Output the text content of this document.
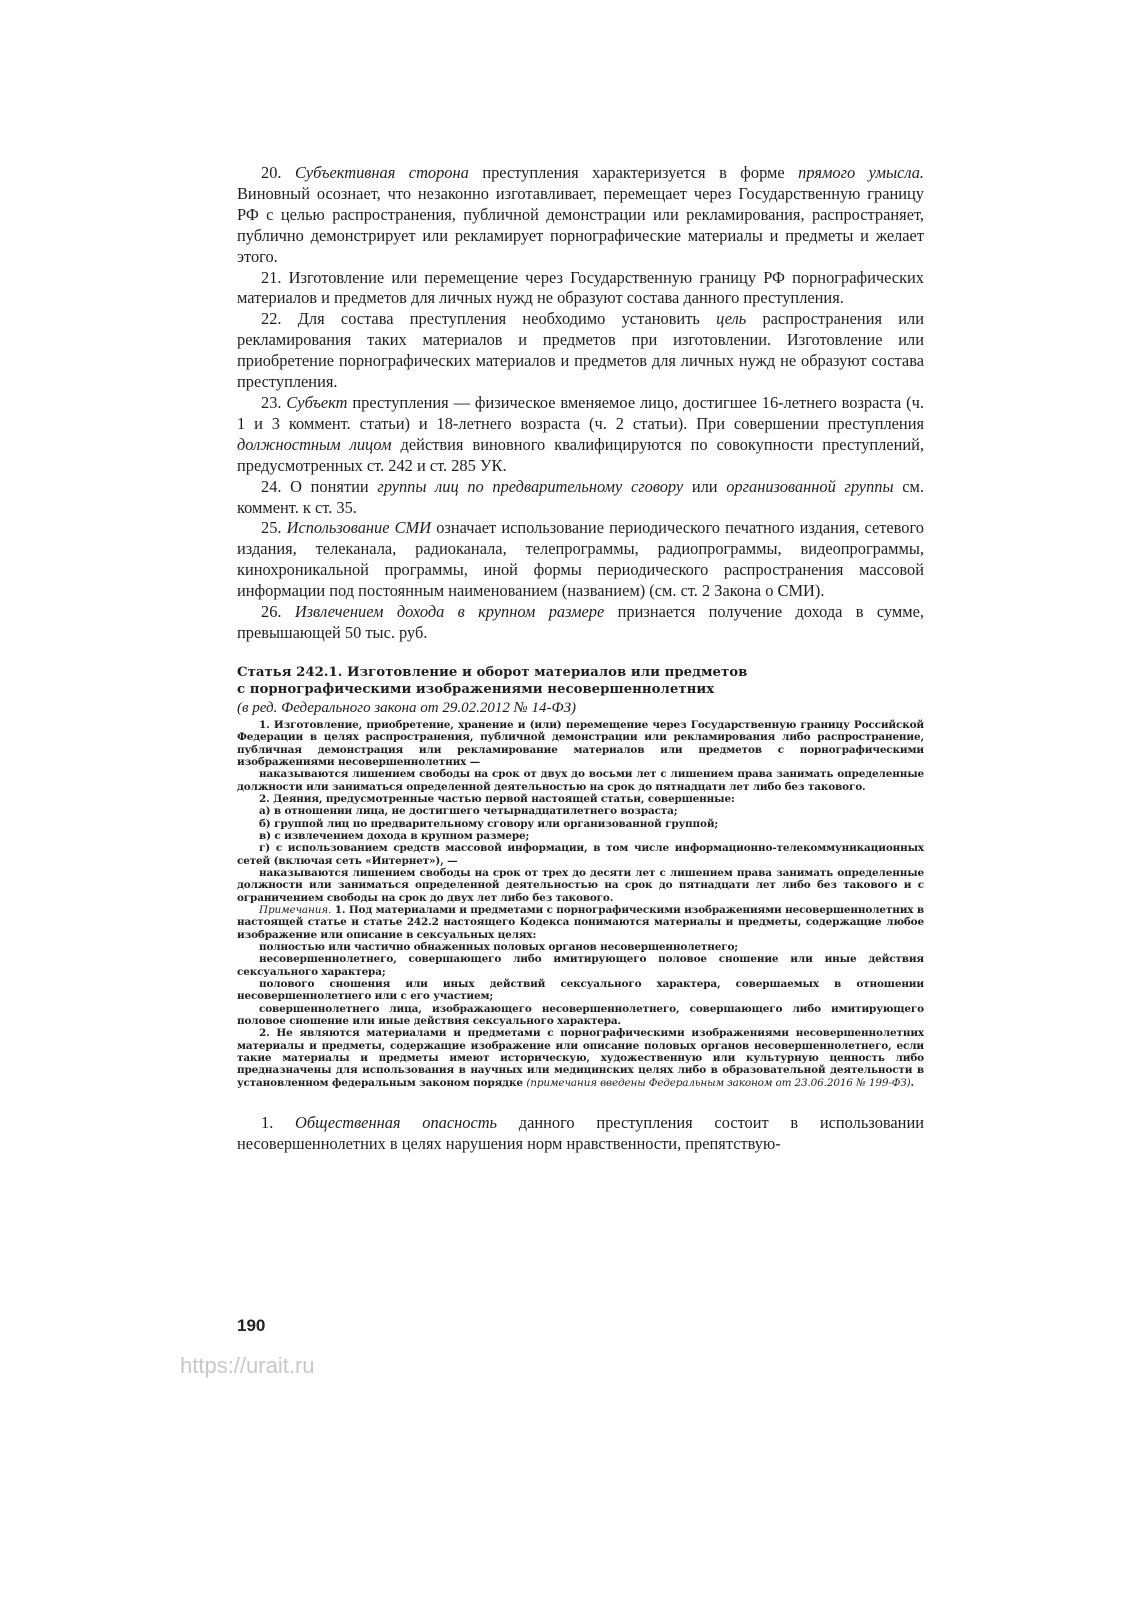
20. Субъективная сторона преступления характеризуется в форме прямого умысла. Виновный осознает, что незаконно изготавливает, перемещает через Государственную границу РФ с целью распространения, публичной демонстрации или рекламирования, распространяет, публично демонстрирует или рекламирует порнографические материалы и предметы и желает этого.

21. Изготовление или перемещение через Государственную границу РФ порнографических материалов и предметов для личных нужд не образуют состава данного преступления.

22. Для состава преступления необходимо установить цель распространения или рекламирования таких материалов и предметов при изготовлении. Изготовление или приобретение порнографических материалов и предметов для личных нужд не образуют состава преступления.

23. Субъект преступления — физическое вменяемое лицо, достигшее 16-летнего возраста (ч. 1 и 3 коммент. статьи) и 18-летнего возраста (ч. 2 статьи). При совершении преступления должностным лицом действия виновного квалифицируются по совокупности преступлений, предусмотренных ст. 242 и ст. 285 УК.

24. О понятии группы лиц по предварительному сговору или организованной группы см. коммент. к ст. 35.

25. Использование СМИ означает использование периодического печатного издания, сетевого издания, телеканала, радиоканала, телепрограммы, радиопрограммы, видеопрограммы, кинохроникальной программы, иной формы периодического распространения массовой информации под постоянным наименованием (названием) (см. ст. 2 Закона о СМИ).

26. Извлечением дохода в крупном размере признается получение дохода в сумме, превышающей 50 тыс. руб.

Статья 242.1. Изготовление и оборот материалов или предметов
с порнографическими изображениями несовершеннолетних
(в ред. Федерального закона от 29.02.2012 № 14-ФЗ)

1. Изготовление, приобретение, хранение и (или) перемещение через Государственную границу Российской Федерации в целях распространения, публичной демонстрации или рекламирования либо распространение, публичная демонстрация или рекламирование материалов или предметов с порнографическими изображениями несовершеннолетних —

наказываются лишением свободы на срок от двух до восьми лет с лишением права занимать определенные должности или заниматься определенной деятельностью на срок до пятнадцати лет либо без такового.

2. Деяния, предусмотренные частью первой настоящей статьи, совершенные:

а) в отношении лица, не достигшего четырнадцатилетнего возраста;

б) группой лиц по предварительному сговору или организованной группой;

в) с извлечением дохода в крупном размере;

г) с использованием средств массовой информации, в том числе информационно-телекоммуникационных сетей (включая сеть «Интернет»), —

наказываются лишением свободы на срок от трех до десяти лет с лишением права занимать определенные должности или заниматься определенной деятельностью на срок до пятнадцати лет либо без такового и с ограничением свободы на срок до двух лет либо без такового.

Примечания. 1. Под материалами и предметами с порнографическими изображениями несовершеннолетних в настоящей статье и статье 242.2 настоящего Кодекса понимаются материалы и предметы, содержащие любое изображение или описание в сексуальных целях:

полностью или частично обнаженных половых органов несовершеннолетнего;

несовершеннолетнего, совершающего либо имитирующего половое сношение или иные действия сексуального характера;

полового сношения или иных действий сексуального характера, совершаемых в отношении несовершеннолетнего или с его участием;

совершеннолетнего лица, изображающего несовершеннолетнего, совершающего либо имитирующего половое сношение или иные действия сексуального характера.

2. Не являются материалами и предметами с порнографическими изображениями несовершеннолетних материалы и предметы, содержащие изображение или описание половых органов несовершеннолетнего, если такие материалы и предметы имеют историческую, художественную или культурную ценность либо предназначены для использования в научных или медицинских целях либо в образовательной деятельности в установленном федеральным законом порядке (примечания введены Федеральным законом от 23.06.2016 № 199-ФЗ).

1. Общественная опасность данного преступления состоит в использовании несовершеннолетних в целях нарушения норм нравственности, препятствую-

190
https://urait.ru
